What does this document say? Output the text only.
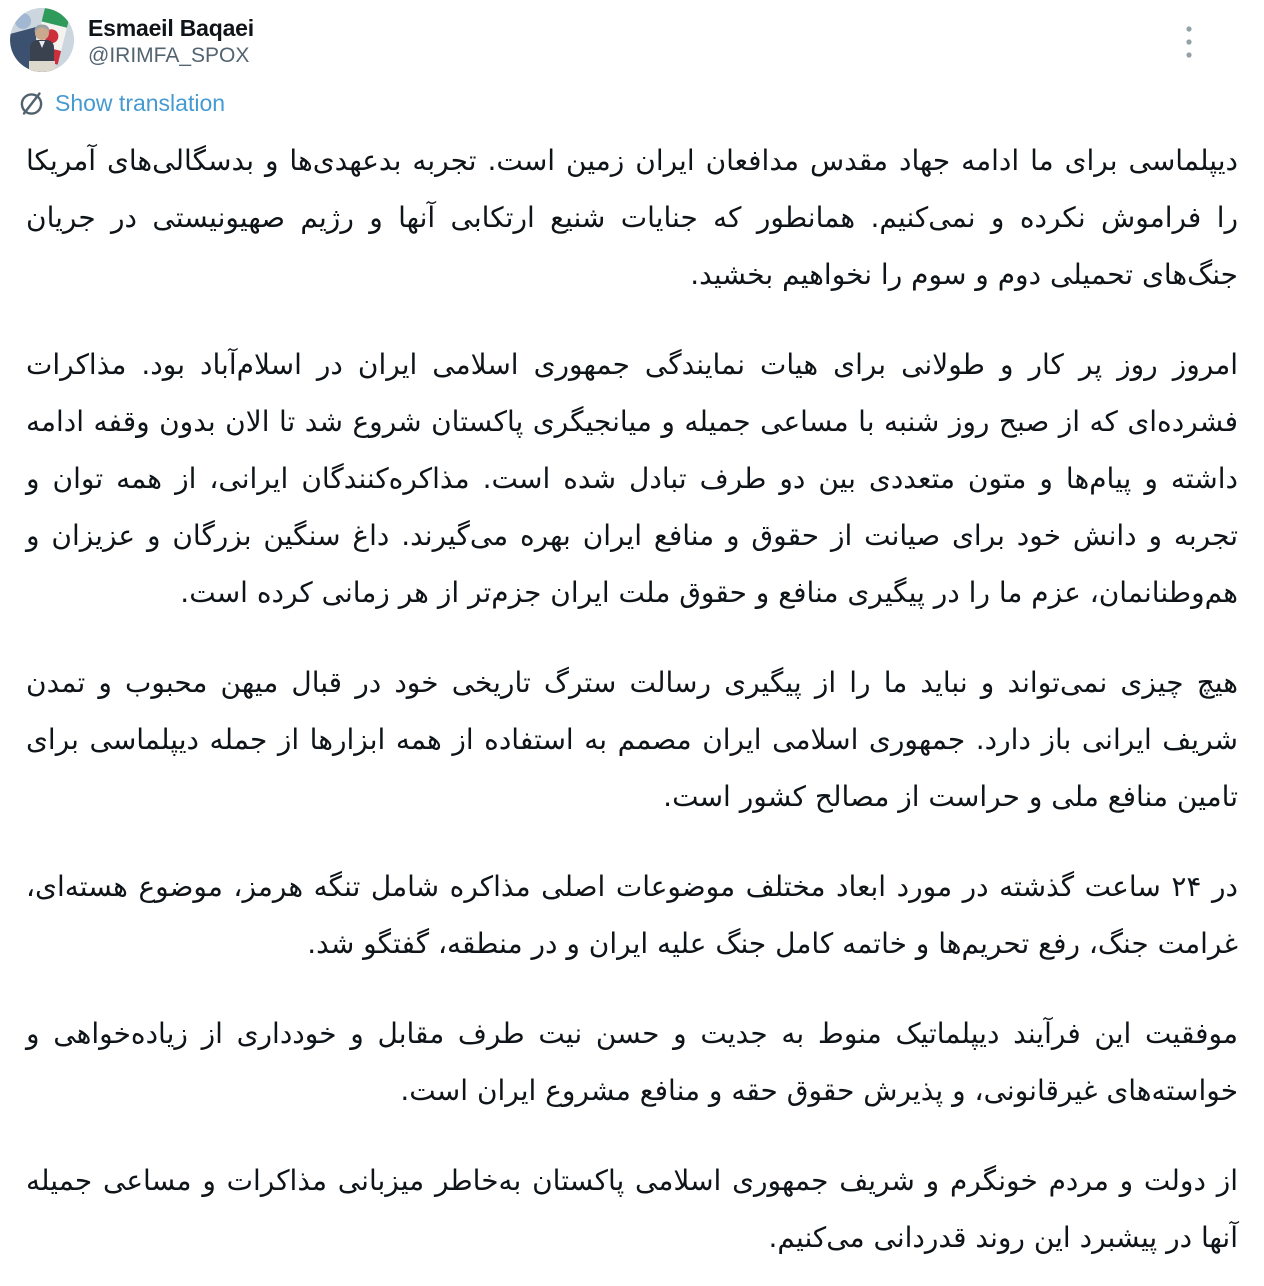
Esmaeil Baqaei
@IRIMFA_SPOX
Show translation

دیپلماسی برای ما ادامه جهاد مقدس مدافعان ایران زمین است. تجربه بدعهدی‌ها و بدسگالی‌های آمریکا را فراموش نکرده و نمی‌کنیم. همانطور که جنایات شنیع ارتکابی آنها و رژیم صهیونیستی در جریان جنگ‌های تحمیلی دوم و سوم را نخواهیم بخشید.

امروز روز پر کار و طولانی برای هیات نمایندگی جمهوری اسلامی ایران در اسلام‌آباد بود. مذاکرات فشرده‌ای که از صبح روز شنبه با مساعی جمیله و میانجیگری پاکستان شروع شد تا الان بدون وقفه ادامه داشته و پیام‌ها و متون متعددی بین دو طرف تبادل شده است. مذاکره‌کنندگان ایرانی، از همه توان و تجربه و دانش خود برای صیانت از حقوق و منافع ایران بهره می‌گیرند. داغ سنگین بزرگان و عزیزان و هم‌وطنانمان، عزم ما را در پیگیری منافع و حقوق ملت ایران جزم‌تر از هر زمانی کرده است.

هیچ چیزی نمی‌تواند و نباید ما را از پیگیری رسالت سترگ تاریخی خود در قبال میهن محبوب و تمدن شریف ایرانی باز دارد. جمهوری اسلامی ایران مصمم به استفاده از همه ابزارها از جمله دیپلماسی برای تامین منافع ملی و حراست از مصالح کشور است.

در ۲۴ ساعت گذشته در مورد ابعاد مختلف موضوعات اصلی مذاکره شامل تنگه هرمز، موضوع هسته‌ای، غرامت جنگ، رفع تحریم‌ها و خاتمه کامل جنگ علیه ایران و در منطقه، گفتگو شد.

موفقیت این فرآیند دیپلماتیک منوط به جدیت و حسن نیت طرف مقابل و خودداری از زیاده‌خواهی و خواسته‌های غیرقانونی، و پذیرش حقوق حقه و منافع مشروع ایران است.

از دولت و مردم خونگرم و شریف جمهوری اسلامی پاکستان به‌خاطر میزبانی مذاکرات و مساعی جمیله آنها در پیشبرد این روند قدردانی می‌کنیم.
